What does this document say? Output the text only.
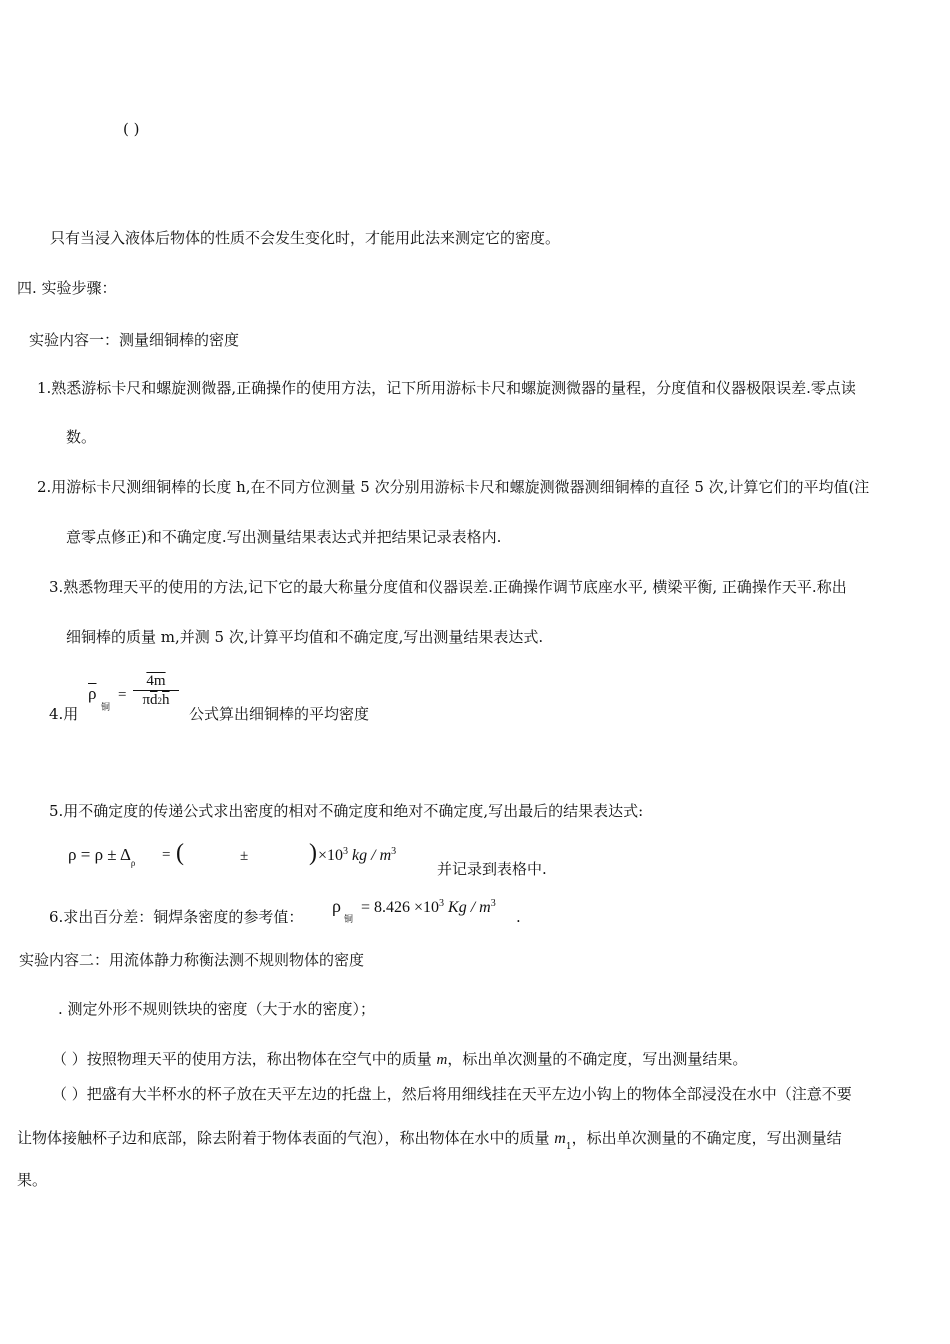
( )
只有当浸入液体后物体的性质不会发生变化时，才能用此法来测定它的密度。
四. 实验步骤：
实验内容一：测量细铜棒的密度
1.熟悉游标卡尺和螺旋测微器,正确操作的使用方法，记下所用游标卡尺和螺旋测微器的量程，分度值和仪器极限误差.零点读
数。
2.用游标卡尺测细铜棒的长度 h,在不同方位测量 5 次分别用游标卡尺和螺旋测微器测细铜棒的直径 5 次,计算它们的平均值(注
意零点修正)和不确定度.写出测量结果表达式并把结果记录表格内.
3.熟悉物理天平的使用的方法,记下它的最大称量分度值和仪器误差.正确操作调节底座水平, 横梁平衡, 正确操作天平.称出
细铜棒的质量 m,并测 5 次,计算平均值和不确定度,写出测量结果表达式.
4.用
$\overline{\rho}$
铜
= $\frac{4m}{\pi\overline{d}2\overline{h}}$
公式算出细铜棒的平均密度
5.用不确定度的传递公式求出密度的相对不确定度和绝对不确定度,写出最后的结果表达式:
$\rho = \rho \pm \Delta_\rho$ = (	±	) $\times 10^3$ kg / $m^3$
并记录到表格中.
6.求出百分差：铜焊条密度的参考值：
ρ
铜
= $8.426 \times 10^3$ Kg / $m^3$
.
实验内容二：用流体静力称衡法测不规则物体的密度
. 测定外形不规则铁块的密度（大于水的密度）；
（ ）按照物理天平的使用方法，称出物体在空气中的质量 m，标出单次测量的不确定度，写出测量结果。
（ ）把盛有大半杯水的杯子放在天平左边的托盘上，然后将用细线挂在天平左边小钩上的物体全部浸没在水中（注意不要
让物体接触杯子边和底部，除去附着于物体表面的气泡），称出物体在水中的质量 $m_1$，标出单次测量的不确定度，写出测量结
果。
